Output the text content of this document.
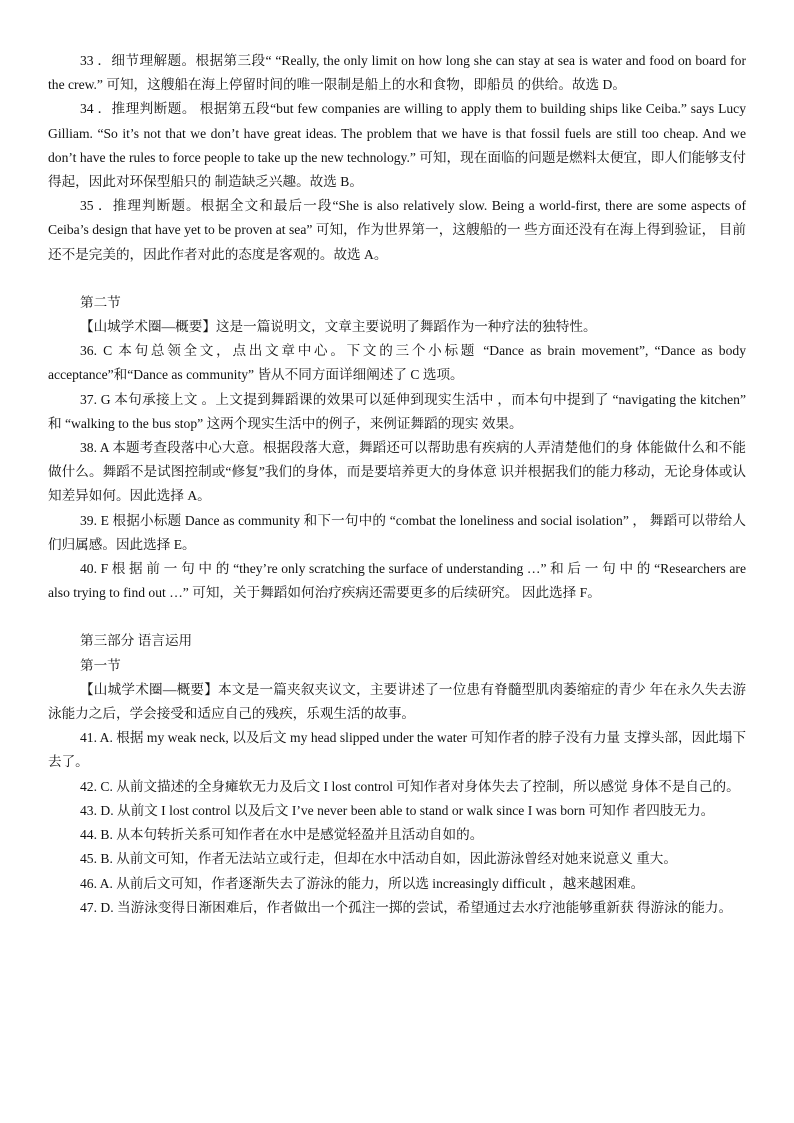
33 ．细节理解题。根据第三段“ “Really, the only limit on how long she can stay at sea is water and food on board for the crew.” 可知，这艘船在海上停留时间的唯一限制是船上的水和食物，即船员 的供给。故选 D。

34 ．推理判断题。 根据第五段“but few companies are willing to apply them to building ships like Ceiba.” says Lucy Gilliam. “So it’s not that we don’t have great ideas. The problem that we have is that fossil fuels are still too cheap. And we don’t have the rules to force people to take up the new technology.” 可知，现在面临的问题是燃料太便宜，即人们能够支付得起，因此对环保型船只的 制造缺乏兴趣。故选 B。

35 ．推理判断题。根据全文和最后一段“She is also relatively slow. Being a world-first, there are some aspects of Ceiba’s design that have yet to be proven at sea” 可知，作为世界第一，这艘船的一 些方面还没有在海上得到验证， 目前还不是完美的，因此作者对此的态度是客观的。故选 A。

第二节

【山城学术圈—概要】这是一篇说明文，文章主要说明了舞蹈作为一种疗法的独特性。

36. C 本句总领全文，点出文章中心。下文的三个小标题 “Dance as brain movement”, “Dance as body acceptance”和“Dance as community” 皆从不同方面详细阐述了 C 选项。

37. G 本句承接上文 。上文提到舞蹈课的效果可以延伸到现实生活中 ，而本句中提到了 “navigating the kitchen” 和 “walking to the bus stop” 这两个现实生活中的例子，来例证舞蹈的现实 效果。

38. A 本题考查段落中心大意。根据段落大意，舞蹈还可以帮助患有疾病的人弄清楚他们的身 体能做什么和不能做什么。舞蹈不是试图控制或“修复”我们的身体，而是要培养更大的身体意 识并根据我们的能力移动，无论身体或认知差异如何。因此选择 A。

39. E 根据小标题 Dance as community 和下一句中的 “combat the loneliness and social isolation” ， 舞蹈可以带给人们归属感。因此选择 E。

40. F 根 据 前 一 句 中 的 “they’re only scratching the surface of understanding …” 和 后 一 句 中 的 “Researchers are also trying to find out …” 可知，关于舞蹈如何治疗疾病还需要更多的后续研究。 因此选择 F。

第三部分 语言运用

第一节

【山城学术圈—概要】本文是一篇夹叙夹议文，主要讲述了一位患有脊髓型肌肉萎缩症的青少 年在永久失去游泳能力之后，学会接受和适应自己的残疾，乐观生活的故事。

41. A. 根据 my weak neck, 以及后文 my head slipped under the water 可知作者的脖子没有力量 支撑头部，因此塌下去了。

42. C. 从前文描述的全身瘫软无力及后文 I lost control 可知作者对身体失去了控制，所以感觉 身体不是自己的。

43. D. 从前文 I lost control 以及后文 I’ve never been able to stand or walk since I was born 可知作 者四肢无力。

44. B. 从本句转折关系可知作者在水中是感觉轻盈并且活动自如的。

45. B. 从前文可知，作者无法站立或行走，但却在水中活动自如，因此游泳曾经对她来说意义 重大。

46. A. 从前后文可知，作者逐渐失去了游泳的能力，所以选 increasingly difficult ，越来越困难。

47. D. 当游泳变得日渐困难后，作者做出一个孤注一掷的尝试，希望通过去水疗池能够重新获 得游泳的能力。
